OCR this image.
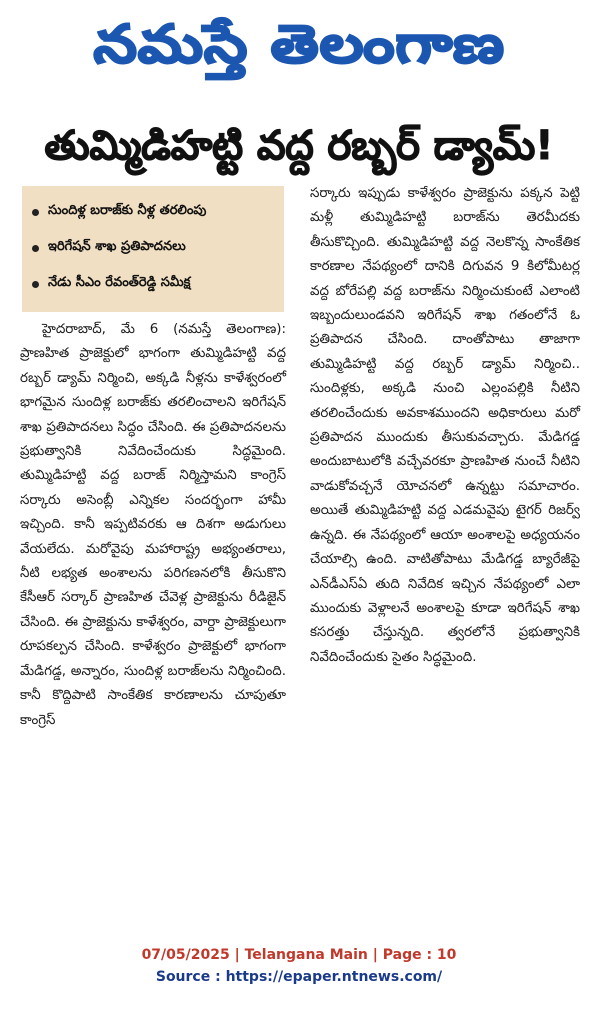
నమస్తే తెలంగాణ
తుమ్మిడిహట్టి వద్ద రబ్బర్ డ్యామ్!
సుందిళ్ల బరాజ్‌కు నీళ్ల తరలింపు
ఇరిగేషన్ శాఖ ప్రతిపాదనలు
నేడు సీఎం రేవంత్‌రెడ్డి సమీక్ష

హైదరాబాద్, మే 6 (నమస్తే తెలంగాణ): ప్రాణహిత ప్రాజెక్టులో భాగంగా తుమ్మిడిహట్టి వద్ద రబ్బర్ డ్యామ్ నిర్మించి, అక్కడి నీళ్లను కాళేశ్వరంలో భాగమైన సుందిళ్ల బరాజ్‌కు తరలించాలని ఇరిగేషన్ శాఖ ప్రతిపాదనలు సిద్ధం చేసింది. ఈ ప్రతిపాదనలను ప్రభుత్వానికి నివేదించేందుకు సిద్ధమైంది. తుమ్మిడిహట్టి వద్ద బరాజ్ నిర్మిస్తామని కాంగ్రెస్ సర్కారు అసెంబ్లీ ఎన్నికల సందర్భంగా హామీ ఇచ్చింది. కానీ ఇప్పటివరకు ఆ దిశగా అడుగులు వేయలేదు. మరోవైపు మహారాష్ట్ర అభ్యంతరాలు, నీటి లభ్యత అంశాలను పరిగణనలోకి తీసుకొని కేసీఆర్ సర్కార్ ప్రాణహిత చేవెళ్ల ప్రాజెక్టును రీడిజైన్ చేసింది. ఈ ప్రాజెక్టును కాళేశ్వరం, వార్దా ప్రాజెక్టులుగా రూపకల్పన చేసింది. కాళేశ్వరం ప్రాజెక్టులో భాగంగా మేడిగడ్డ, అన్నారం, సుందిళ్ల బరాజ్‌లను నిర్మించింది. కానీ కొద్దిపాటి సాంకేతిక కారణాలను చూపుతూ కాంగ్రెస్

సర్కారు ఇప్పుడు కాళేశ్వరం ప్రాజెక్టును పక్కన పెట్టి మళ్లీ తుమ్మిడిహట్టి బరాజ్‌ను తెరమీదకు తీసుకొచ్చింది. తుమ్మిడిహట్టి వద్ద నెలకొన్న సాంకేతిక కారణాల నేపథ్యంలో దానికి దిగువన 9 కిలోమీటర్ల వద్ద బోరేపల్లి వద్ద బరాజ్‌ను నిర్మించుకుంటే ఎలాంటి ఇబ్బందులుండవని ఇరిగేషన్ శాఖ గతంలోనే ఓ ప్రతిపాదన చేసింది. దాంతోపాటు తాజాగా తుమ్మిడిహట్టి వద్ద రబ్బర్ డ్యామ్ నిర్మించి.. సుందిళ్లకు, అక్కడి నుంచి ఎల్లంపల్లికి నీటిని తరలించేందుకు అవకాశముందని అధికారులు మరో ప్రతిపాదన ముందుకు తీసుకువచ్చారు. మేడిగడ్డ అందుబాటులోకి వచ్చేవరకూ ప్రాణహిత నుంచే నీటిని వాడుకోవచ్చనే యోచనలో ఉన్నట్టు సమాచారం. అయితే తుమ్మిడిహట్టి వద్ద ఎడమవైపు టైగర్ రిజర్వ్ ఉన్నది. ఈ నేపథ్యంలో ఆయా అంశాలపై అధ్యయనం చేయాల్సి ఉంది. వాటితోపాటు మేడిగడ్డ బ్యారేజీపై ఎన్‌డీఎస్‌ఏ తుది నివేదిక ఇచ్చిన నేపథ్యంలో ఎలా ముందుకు వెళ్లాలనే అంశాలపై కూడా ఇరిగేషన్ శాఖ కసరత్తు చేస్తున్నది. త్వరలోనే ప్రభుత్వానికి నివేదించేందుకు సైతం సిద్ధమైంది.

07/05/2025 | Telangana Main | Page : 10
Source : https://epaper.ntnews.com/
